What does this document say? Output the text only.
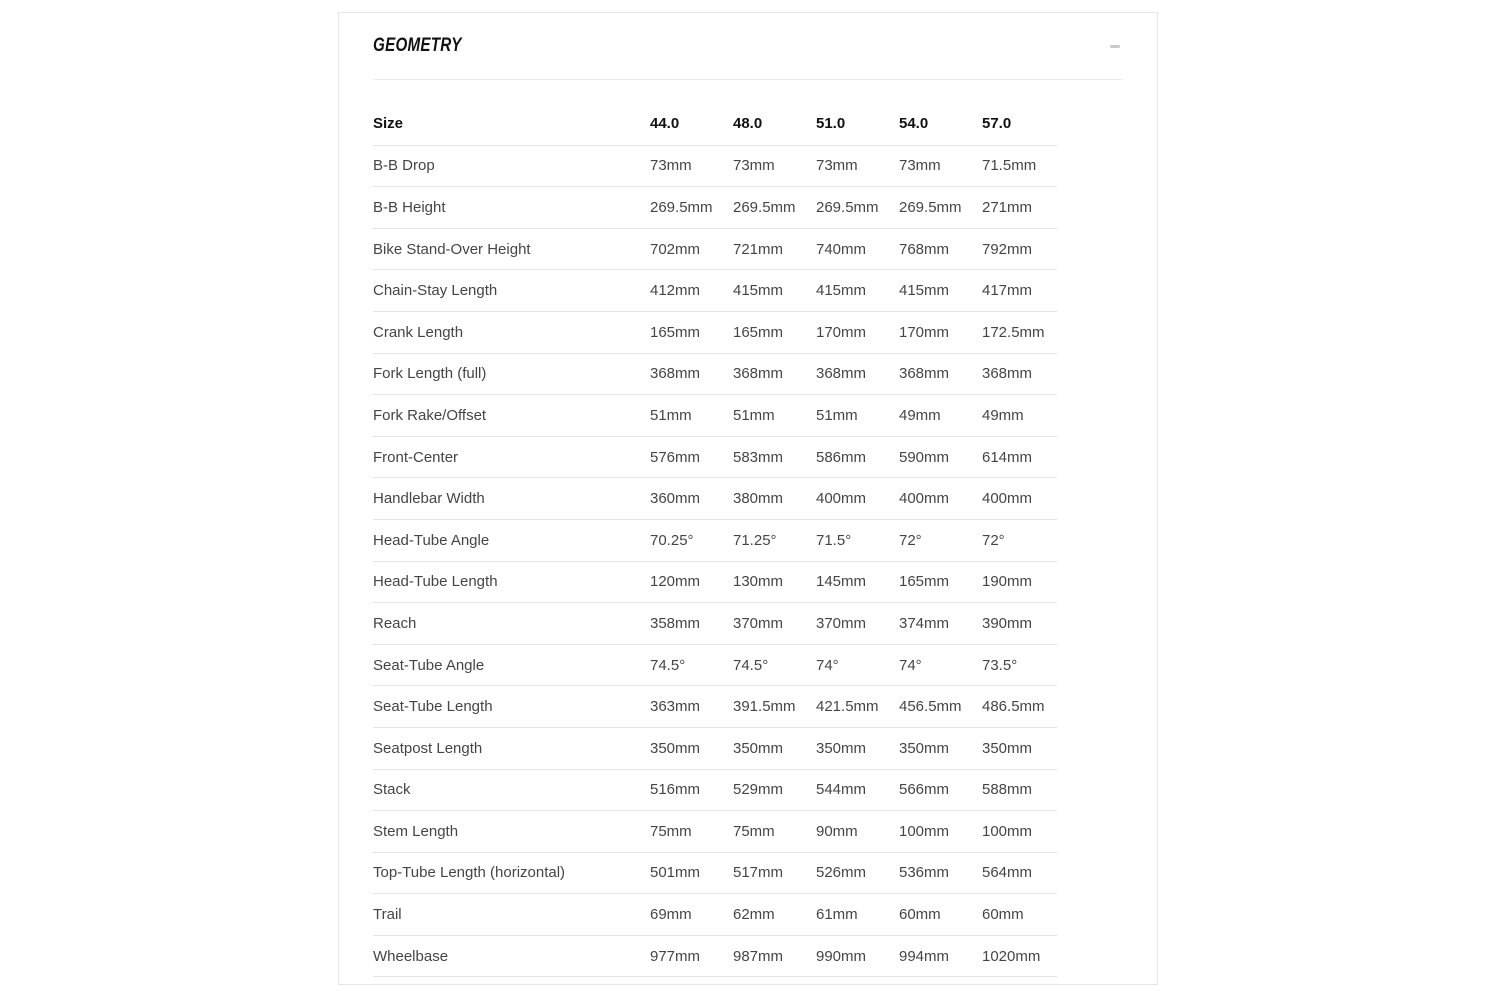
GEOMETRY
Size	44.0	48.0	51.0	54.0	57.0
B-B Drop	73mm	73mm	73mm	73mm	71.5mm
B-B Height	269.5mm	269.5mm	269.5mm	269.5mm	271mm
Bike Stand-Over Height	702mm	721mm	740mm	768mm	792mm
Chain-Stay Length	412mm	415mm	415mm	415mm	417mm
Crank Length	165mm	165mm	170mm	170mm	172.5mm
Fork Length (full)	368mm	368mm	368mm	368mm	368mm
Fork Rake/Offset	51mm	51mm	51mm	49mm	49mm
Front-Center	576mm	583mm	586mm	590mm	614mm
Handlebar Width	360mm	380mm	400mm	400mm	400mm
Head-Tube Angle	70.25°	71.25°	71.5°	72°	72°
Head-Tube Length	120mm	130mm	145mm	165mm	190mm
Reach	358mm	370mm	370mm	374mm	390mm
Seat-Tube Angle	74.5°	74.5°	74°	74°	73.5°
Seat-Tube Length	363mm	391.5mm	421.5mm	456.5mm	486.5mm
Seatpost Length	350mm	350mm	350mm	350mm	350mm
Stack	516mm	529mm	544mm	566mm	588mm
Stem Length	75mm	75mm	90mm	100mm	100mm
Top-Tube Length (horizontal)	501mm	517mm	526mm	536mm	564mm
Trail	69mm	62mm	61mm	60mm	60mm
Wheelbase	977mm	987mm	990mm	994mm	1020mm
